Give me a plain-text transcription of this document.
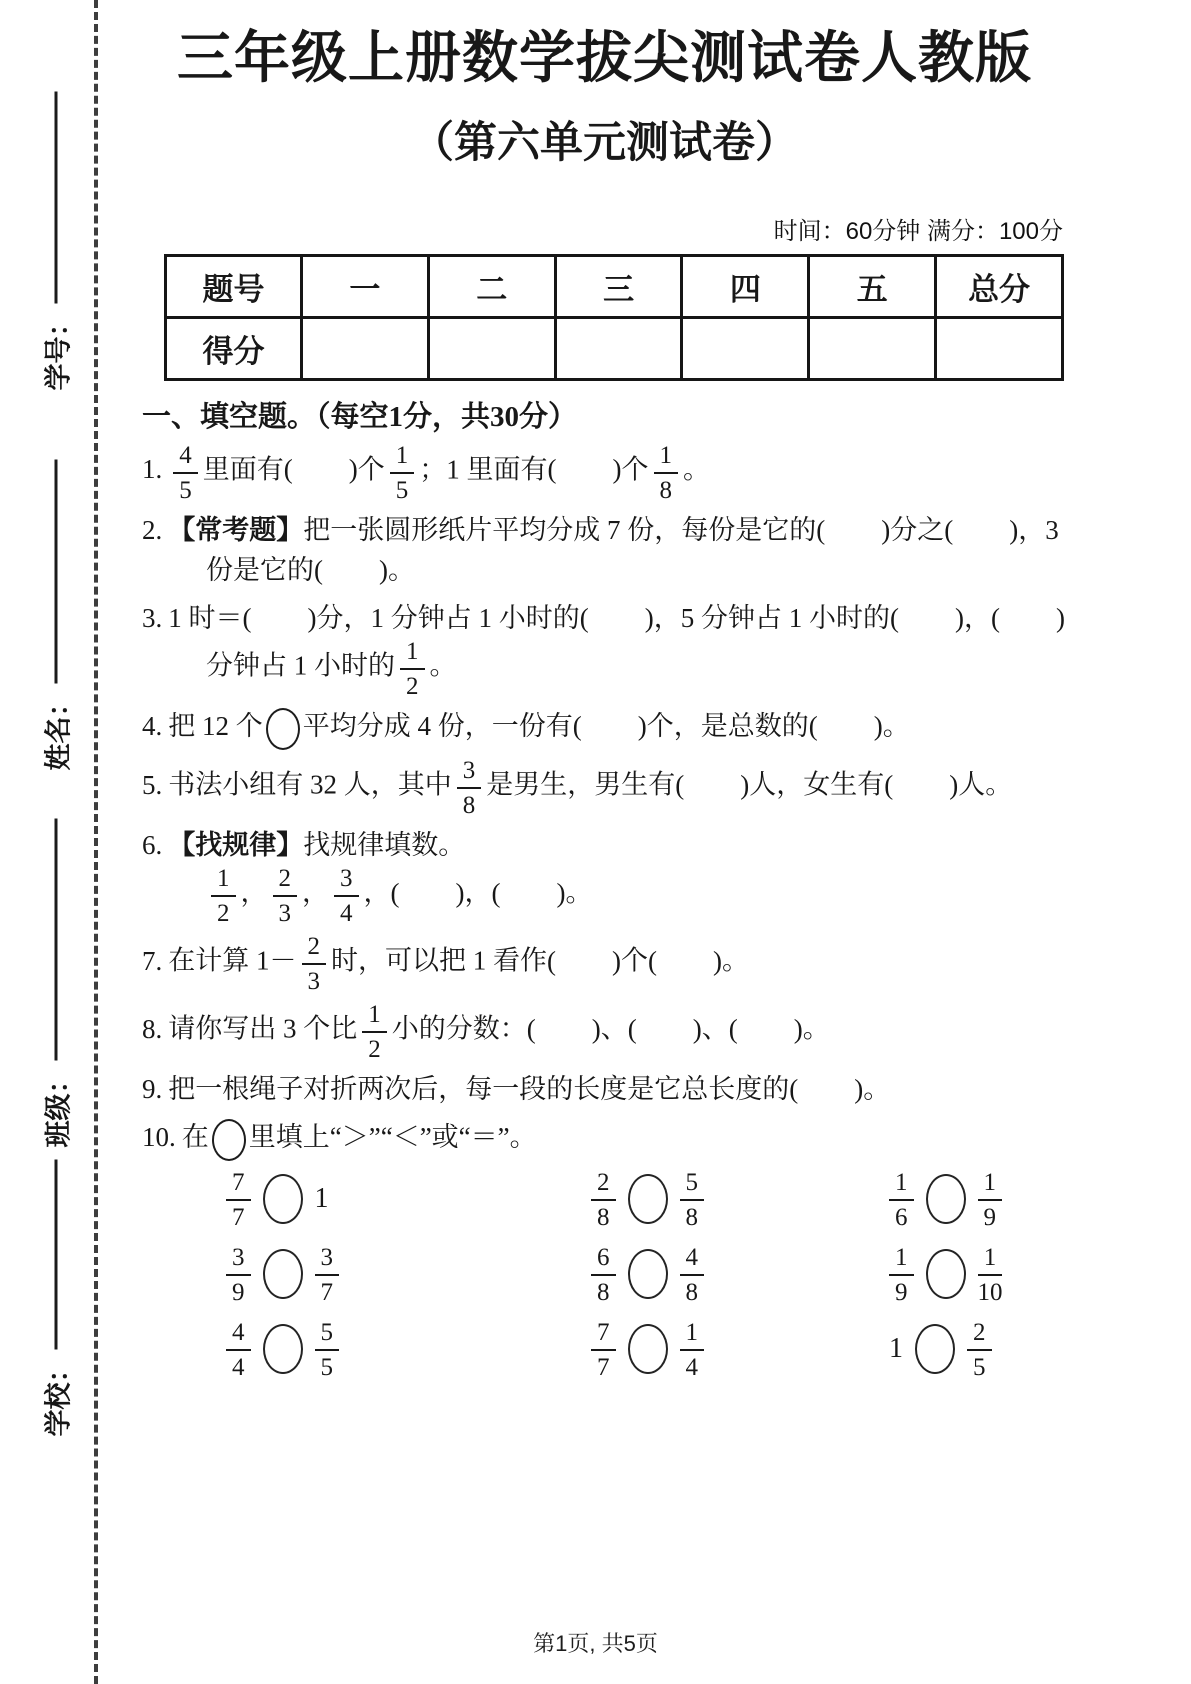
学号：
姓名：
班级：
学校：
三年级上册数学拔尖测试卷人教版
（第六单元测试卷）
时间：60分钟 满分：100分
题号	一	二	三	四	五	总分
得分						
一、填空题。（每空1分，共30分）
1. $\frac{4}{5}$ 里面有( )个 $\frac{1}{5}$ ；1 里面有( )个 $\frac{1}{8}$ 。
2. 【常考题】把一张圆形纸片平均分成 7 份，每份是它的( )分之( )，3 份是它的( )。
3. 1 时＝( )分，1 分钟占 1 小时的( )，5 分钟占 1 小时的( )，( )分钟占 1 小时的 $\frac{1}{2}$ 。
4. 把 12 个 平均分成 4 份，一份有( )个，是总数的( )。
5. 书法小组有 32 人，其中 $\frac{3}{8}$ 是男生，男生有( )人，女生有( )人。
6. 【找规律】找规律填数。

$\frac{1}{2}$ ， $\frac{2}{3}$ ， $\frac{3}{4}$ ，( )，( )。
7. 在计算 $1- \frac{2}{3}$ 时，可以把 1 看作( )个( )。
8. 请你写出 3 个比 $\frac{1}{2}$ 小的分数：( )、( )、( )。
9. 把一根绳子对折两次后，每一段的长度是它总长度的( )。
10. 在 里填上“＞”“＜”或“＝”。
$\frac{7}{7} 1$	$\frac{2}{8}$	$\frac{5}{8}$	$\frac{1}{6}$	$\frac{1}{9}$
$\frac{3}{9}$	$\frac{3}{7}$	$\frac{6}{8}$	$\frac{4}{8}$	$\frac{1}{9}$	$\frac{1}{10}$
$\frac{4}{4}$	$\frac{5}{5}$	$\frac{7}{7}$	$\frac{1}{4}$	1	$\frac{2}{5}$
第1页, 共5页
